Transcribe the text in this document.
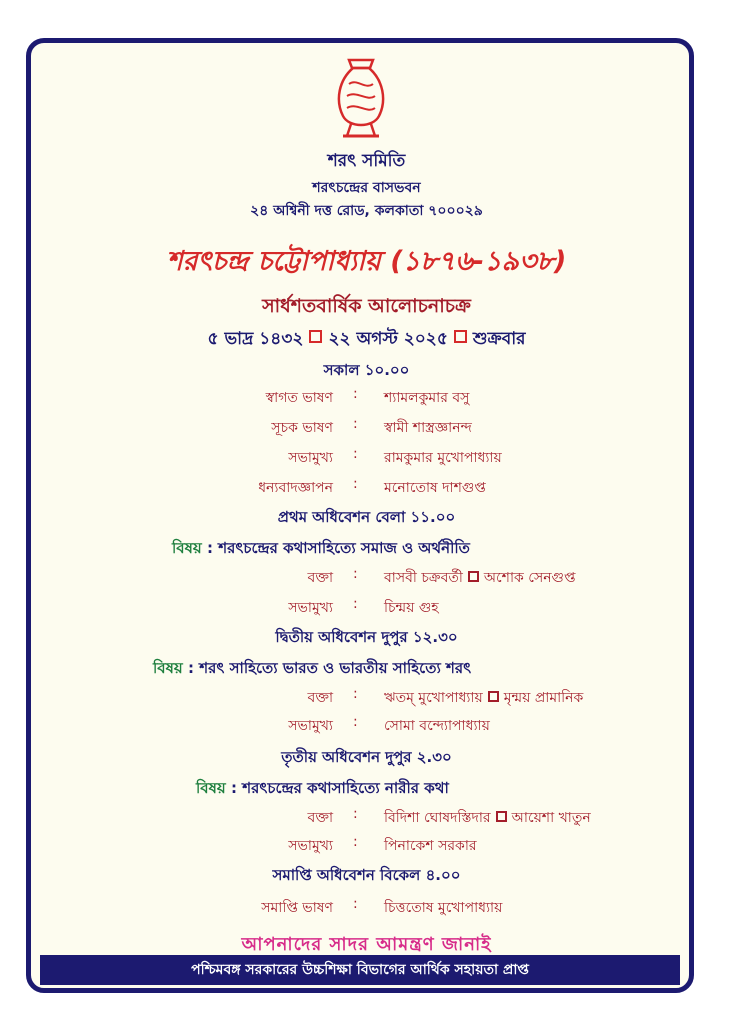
শরৎ সমিতি
শরৎচন্দ্রের বাসভবন
২৪ অশ্বিনী দত্ত রোড, কলকাতা ৭০০০২৯
শরৎচন্দ্র চট্টোপাধ্যায় (১৮৭৬-১৯৩৮)
সার্ধশতবার্ষিক আলোচনাচক্র
৫ ভাদ্র ১৪৩২ ২২ অগস্ট ২০২৫ শুক্রবার
সকাল ১০.০০
স্বাগত ভাষণ : শ্যামলকুমার বসু
সূচক ভাষণ : স্বামী শাস্ত্রজ্ঞানন্দ
সভামুখ্য : রামকুমার মুখোপাধ্যায়
ধন্যবাদজ্ঞাপন : মনোতোষ দাশগুপ্ত
প্রথম অধিবেশন বেলা ১১.০০
বিষয় : শরৎচন্দ্রের কথাসাহিত্যে সমাজ ও অর্থনীতি
বক্তা : বাসবী চক্রবর্তী অশোক সেনগুপ্ত
সভামুখ্য : চিন্ময় গুহ
দ্বিতীয় অধিবেশন দুপুর ১২.৩০
বিষয় : শরৎ সাহিত্যে ভারত ও ভারতীয় সাহিত্যে শরৎ
বক্তা : ঋতম্‌ মুখোপাধ্যায় মৃন্ময় প্রামানিক
সভামুখ্য : সোমা বন্দ্যোপাধ্যায়
তৃতীয় অধিবেশন দুপুর ২.৩০
বিষয় : শরৎচন্দ্রের কথাসাহিত্যে নারীর কথা
বক্তা : বিদিশা ঘোষদস্তিদার আয়েশা খাতুন
সভামুখ্য : পিনাকেশ সরকার
সমাপ্তি অধিবেশন বিকেল ৪.০০
সমাপ্তি ভাষণ : চিত্ততোষ মুখোপাধ্যায়
আপনাদের সাদর আমন্ত্রণ জানাই
পশ্চিমবঙ্গ সরকারের উচ্চশিক্ষা বিভাগের আর্থিক সহায়তা প্রাপ্ত
